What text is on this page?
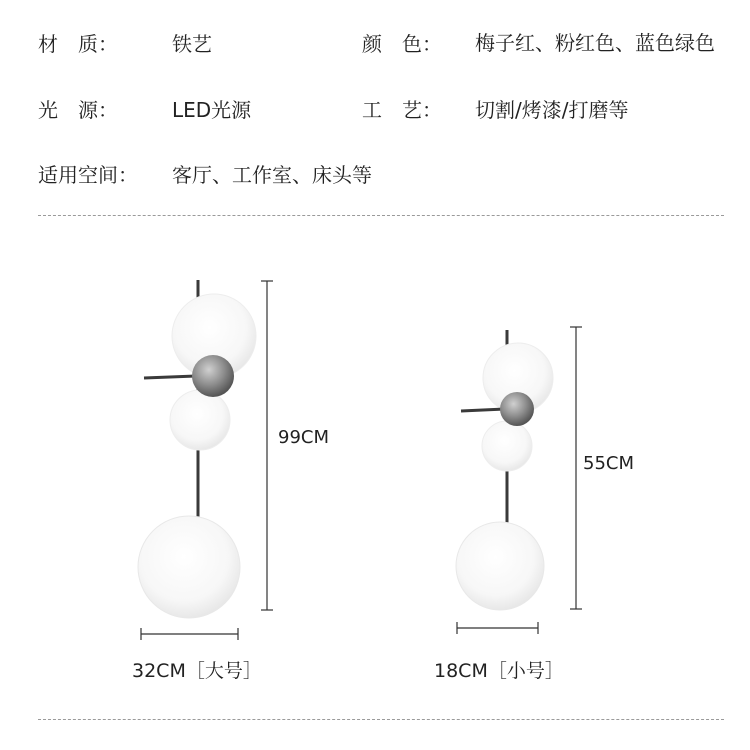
材　质：	铁艺	颜　色： 梅子红、粉红色、蓝色绿色
光　源：	LED光源	工　艺： 切割/烤漆/打磨等
适用空间： 客厅、工作室、床头等
99CM
55CM
32CM［大号］	18CM［小号］
